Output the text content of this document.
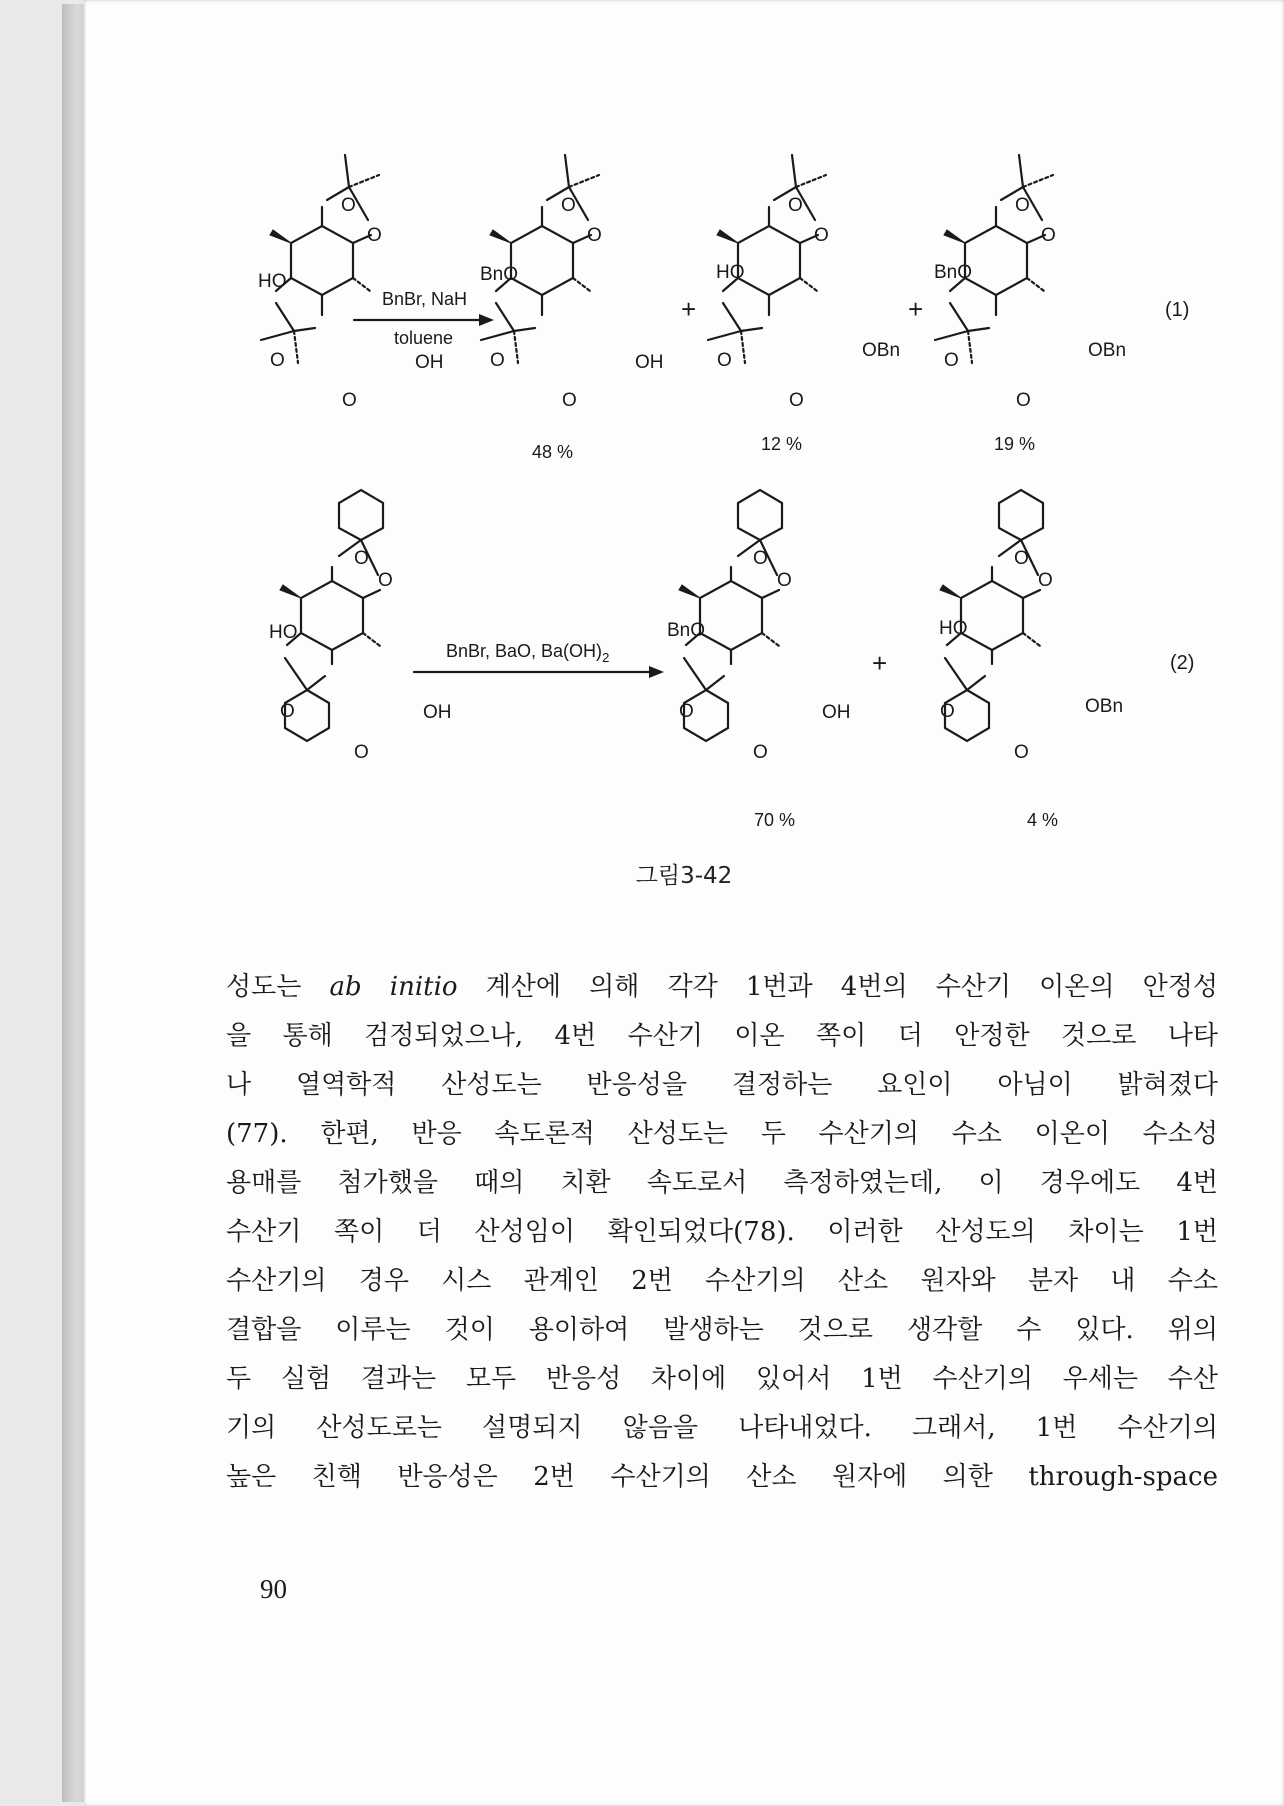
HO
OH
O
O
O
O
BnBr, NaH
toluene
BnO
OH
O
O
O
O
48 %
+
HO
OBn
O
O
O
O
12 %
+
BnO
OBn
O
O
O
O
19 %
(1)
HO
OH
O
O
O
O
BnBr, BaO, $Ba(OH)_2$
BnO
OH
O
O
O
O
70 %
+
HO
OBn
O
O
O
O
4 %
(2)
그림3-42
성도는 ab initio 계산에 의해 각각 1번과 4번의 수산기 이온의 안정성
을 통해 검정되었으나, 4번 수산기 이온 쪽이 더 안정한 것으로 나타
나 열역학적 산성도는 반응성을 결정하는 요인이 아님이 밝혀졌다
(77). 한편, 반응 속도론적 산성도는 두 수산기의 수소 이온이 수소성
용매를 첨가했을 때의 치환 속도로서 측정하였는데, 이 경우에도 4번
수산기 쪽이 더 산성임이 확인되었다(78). 이러한 산성도의 차이는 1번
수산기의 경우 시스 관계인 2번 수산기의 산소 원자와 분자 내 수소
결합을 이루는 것이 용이하여 발생하는 것으로 생각할 수 있다. 위의
두 실험 결과는 모두 반응성 차이에 있어서 1번 수산기의 우세는 수산
기의 산성도로는 설명되지 않음을 나타내었다. 그래서, 1번 수산기의
높은 친핵 반응성은 2번 수산기의 산소 원자에 의한 through-space
90
